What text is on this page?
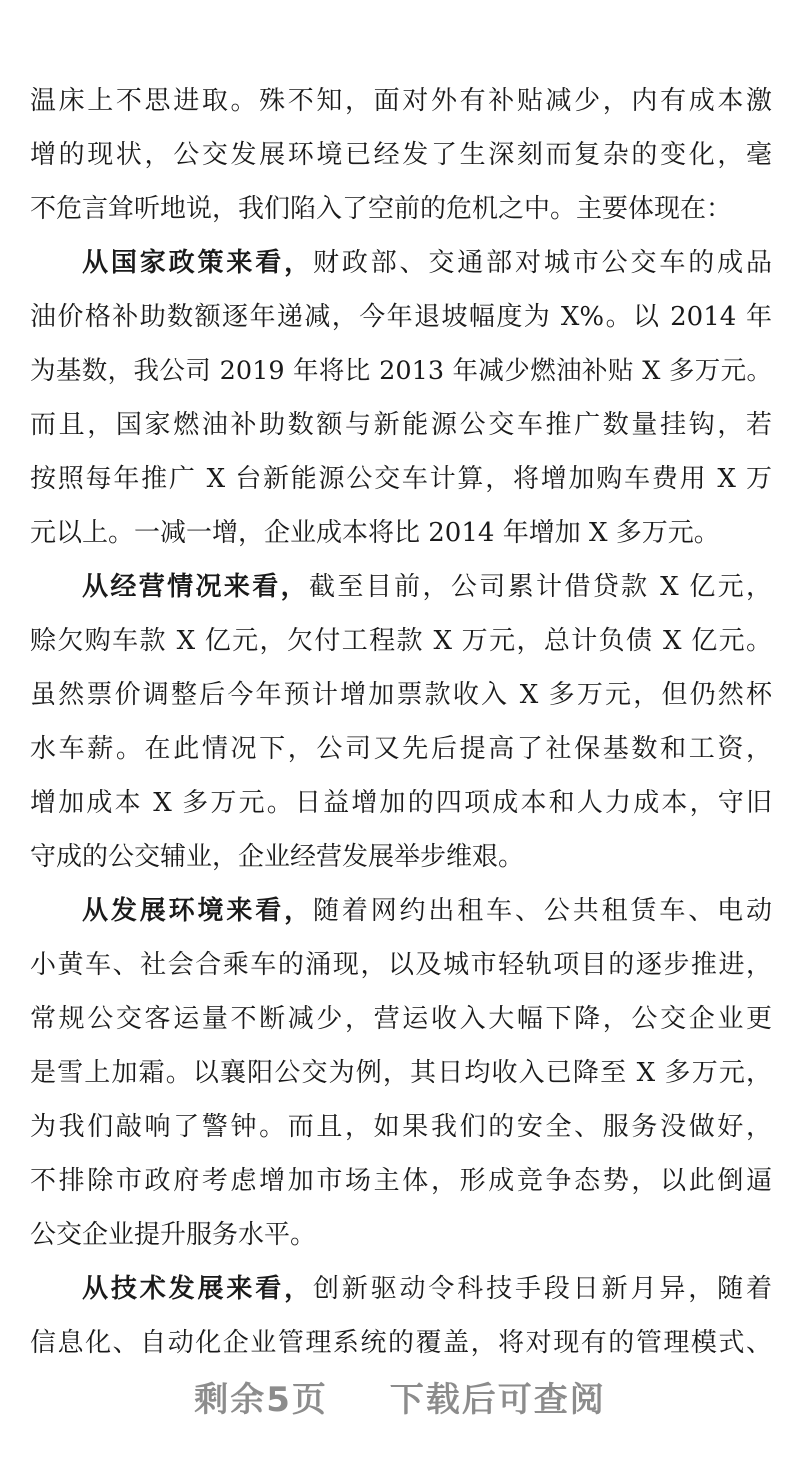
温床上不思进取。殊不知，面对外有补贴减少，内有成本激
增的现状，公交发展环境已经发了生深刻而复杂的变化，毫
不危言耸听地说，我们陷入了空前的危机之中。主要体现在：
从国家政策来看，财政部、交通部对城市公交车的成品
油价格补助数额逐年递减，今年退坡幅度为 X%。以 2014 年
为基数，我公司 2019 年将比 2013 年减少燃油补贴 X 多万元。
而且，国家燃油补助数额与新能源公交车推广数量挂钩，若
按照每年推广 X 台新能源公交车计算，将增加购车费用 X 万
元以上。一减一增，企业成本将比 2014 年增加 X 多万元。
从经营情况来看，截至目前，公司累计借贷款 X 亿元，
赊欠购车款 X 亿元，欠付工程款 X 万元，总计负债 X 亿元。
虽然票价调整后今年预计增加票款收入 X 多万元，但仍然杯
水车薪。在此情况下，公司又先后提高了社保基数和工资，
增加成本 X 多万元。日益增加的四项成本和人力成本，守旧
守成的公交辅业，企业经营发展举步维艰。
从发展环境来看，随着网约出租车、公共租赁车、电动
小黄车、社会合乘车的涌现，以及城市轻轨项目的逐步推进，
常规公交客运量不断减少，营运收入大幅下降，公交企业更
是雪上加霜。以襄阳公交为例，其日均收入已降至 X 多万元，
为我们敲响了警钟。而且，如果我们的安全、服务没做好，
不排除市政府考虑增加市场主体，形成竞争态势，以此倒逼
公交企业提升服务水平。
从技术发展来看，创新驱动令科技手段日新月异，随着
信息化、自动化企业管理系统的覆盖，将对现有的管理模式、
剩余5页 下载后可查阅
